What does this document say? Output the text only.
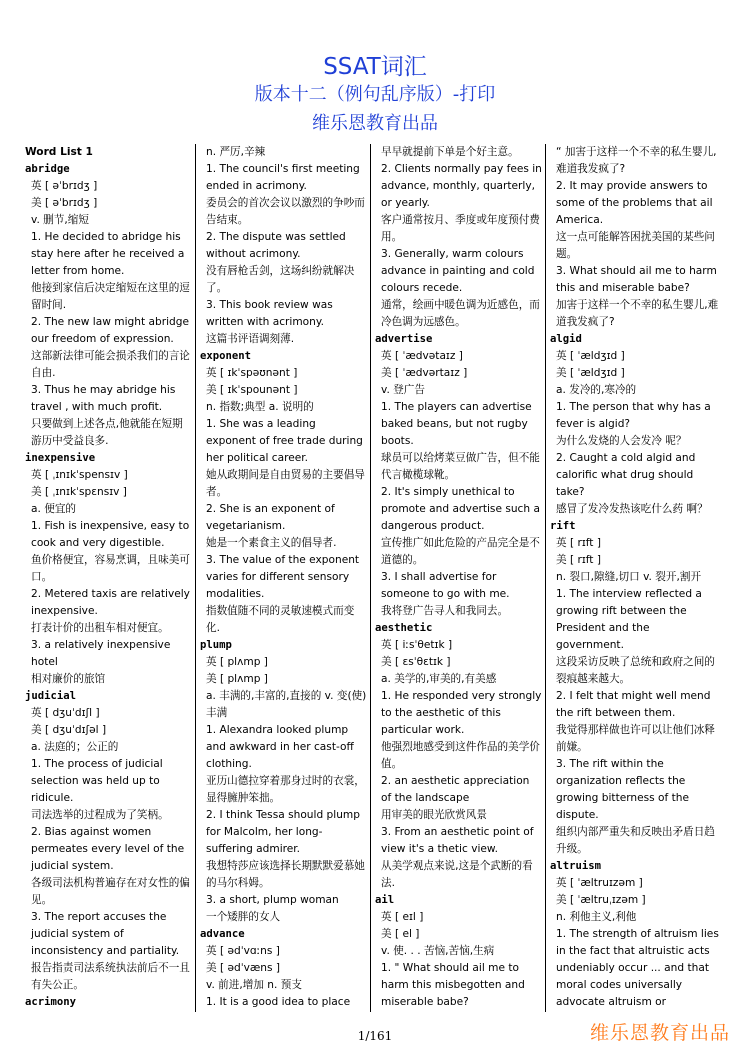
SSAT词汇
版本十二（例句乱序版）-打印
维乐恩教育出品
Word List 1
abridge
英 [ əˈbrɪdʒ ]
美 [ əˈbrɪdʒ ]
v. 删节,缩短
1. He decided to abridge his stay here after he received a letter from home.
他接到家信后决定缩短在这里的逗留时间.
2. The new law might abridge our freedom of expression.
这部新法律可能会损杀我们的言论自由.
3. Thus he may abridge his travel , with much profit.
只要做到上述各点,他就能在短期游历中受益良多.
inexpensive
英 [ ˌɪnɪkˈspensɪv ]
美 [ ˌɪnɪkˈspɛnsɪv ]
a. 便宜的
1. Fish is inexpensive, easy to cook and very digestible.
鱼价格便宜，容易烹调，且味美可口。
2. Metered taxis are relatively inexpensive.
打表计价的出租车相对便宜。
3. a relatively inexpensive hotel
相对廉价的旅馆
judicial
英 [ dʒuˈdɪʃl ]
美 [ dʒuˈdɪʃəl ]
a. 法庭的；公正的
1. The process of judicial selection was held up to ridicule.
司法选举的过程成为了笑柄。
2. Bias against women permeates every level of the judicial system.
各级司法机构普遍存在对女性的偏见。
3. The report accuses the judicial system of inconsistency and partiality.
报告指责司法系统执法前后不一且有失公正。
acrimony
n. 严厉,辛辣
1. The council's first meeting ended in acrimony.
委员会的首次会议以激烈的争吵而告结束。
2. The dispute was settled without acrimony.
没有唇枪舌剑，这场纠纷就解决了。
3. This book review was written with acrimony.
这篇书评语调刻薄.
exponent
英 [ ɪkˈspəʊnənt ]
美 [ ɪkˈspounənt ]
n. 指数;典型 a. 说明的
1. She was a leading exponent of free trade during her political career.
她从政期间是自由贸易的主要倡导者。
2. She is an exponent of vegetarianism.
她是一个素食主义的倡导者.
3. The value of the exponent varies for different sensory modalities.
指数值随不同的灵敏速模式而变化.
plump
英 [ plʌmp ]
美 [ plʌmp ]
a. 丰满的,丰富的,直接的 v. 变(使)丰满
1. Alexandra looked plump and awkward in her cast-off clothing.
亚历山德拉穿着那身过时的衣裳，显得臃肿笨拙。
2. I think Tessa should plump for Malcolm, her long-suffering admirer.
我想特莎应该选择长期默默爱慕她的马尔科姆。
3. a short, plump woman
一个矮胖的女人
advance
英 [ ədˈvɑːns ]
美 [ ədˈvæns ]
v. 前进,增加 n. 预支
1. It is a good idea to place
早早就提前下单是个好主意。
2. Clients normally pay fees in advance, monthly, quarterly, or yearly.
客户通常按月、季度或年度预付费用。
3. Generally, warm colours advance in painting and cold colours recede.
通常，绘画中暖色调为近感色，而冷色调为远感色。
advertise
英 [ ˈædvətaɪz ]
美 [ ˈædvərtaɪz ]
v. 登广告
1. The players can advertise baked beans, but not rugby boots.
球员可以给烤菜豆做广告，但不能代言橄榄球靴。
2. It's simply unethical to promote and advertise such a dangerous product.
宣传推广如此危险的产品完全是不道德的。
3. I shall advertise for someone to go with me.
我将登广告寻人和我同去。
aesthetic
英 [ iːsˈθetɪk ]
美 [ ɛsˈθɛtɪk ]
a. 美学的,审美的,有美感
1. He responded very strongly to the aesthetic of this particular work.
他强烈地感受到这件作品的美学价值。
2. an aesthetic appreciation of the landscape
用审美的眼光欣赏风景
3. From an aesthetic point of view it's a thetic view.
从美学观点来说,这是个武断的看法.
ail
英 [ eɪl ]
美 [ el ]
v. 使. . . 苦恼,苦恼,生病
1. " What should ail me to harm this misbegotten and miserable babe?
“ 加害于这样一个不幸的私生婴儿,难道我发疯了?
2. It may provide answers to some of the problems that ail America.
这一点可能解答困扰美国的某些问题。
3. What should ail me to harm this and miserable babe?
加害于这样一个不幸的私生婴儿,难道我发疯了?
algid
英 [ ˈældʒɪd ]
美 [ ˈældʒɪd ]
a. 发冷的,寒冷的
1. The person that why has a fever is algid?
为什么发烧的人会发冷 呢？
2. Caught a cold algid and calorific what drug should take?
感冒了发冷发热该吃什么药 啊？
rift
英 [ rɪft ]
美 [ rɪft ]
n. 裂口,隙缝,切口 v. 裂开,割开
1. The interview reflected a growing rift between the President and the government.
这段采访反映了总统和政府之间的裂痕越来越大。
2. I felt that might well mend the rift between them.
我觉得那样做也许可以让他们冰释前嫌。
3. The rift within the organization reflects the growing bitterness of the dispute.
组织内部严重失和反映出矛盾日趋升级。
altruism
英 [ ˈæltruɪzəm ]
美 [ ˈæltruˌɪzəm ]
n. 利他主义,利他
1. The strength of altruism lies in the fact that altruistic acts undeniably occur ... and that moral codes universally advocate altruism or
1/161	维乐恩教育出品
